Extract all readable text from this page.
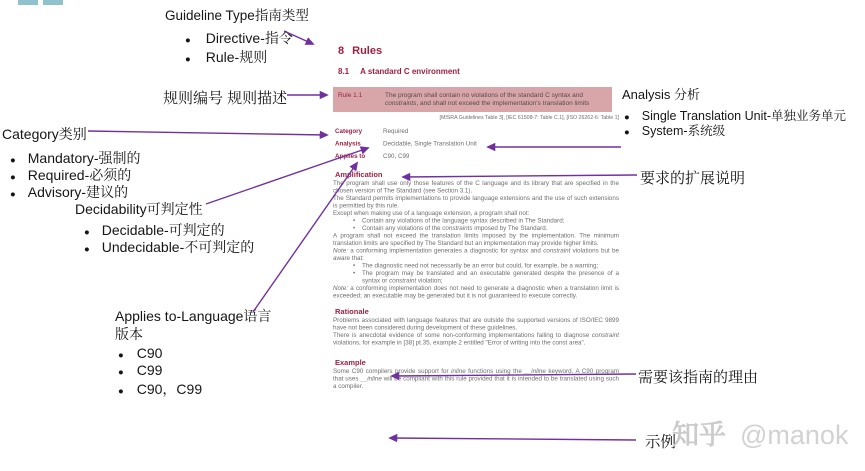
Guideline Type指南类型
●
Directive-指令
●
Rule-规则
规则编号 规则描述
Category类别
●
Mandatory-强制的
●
Required-必须的
●
Advisory-建议的
Decidability可判定性
●
Decidable-可判定的
●
Undecidable-不可判定的
Applies to-Language语言
版本
●
C90
●
C99
●
C90，C99
Analysis 分析
●
Single Translation Unit-单独业务单元
●
System-系统级
要求的扩展说明
需要该指南的理由
示例
知乎 @manok
8 Rules
8.1 A standard C environment
Rule 1.1	The program shall contain no violations of the standard C syntax and constraints, and shall not exceed the implementation's translation limits
[MISRA Guidelines Table 3], [IEC 61508-7: Table C.1], [ISO 26262-6: Table 1]
Category	Required
Analysis	Decidable, Single Translation Unit
Applies to	C90, C99
Amplification

The program shall use only those features of the C language and its library that are specified in the chosen version of The Standard (see Section 3.1).

The Standard permits implementations to provide language extensions and the use of such extensions is permitted by this rule.

Except when making use of a language extension, a program shall not:

Contain any violations of the language syntax described in The Standard;

Contain any violations of the constraints imposed by The Standard.

A program shall not exceed the translation limits imposed by the implementation. The minimum translation limits are specified by The Standard but an implementation may provide higher limits.

Note: a conforming implementation generates a diagnostic for syntax and constraint violations but be aware that:

The diagnostic need not necessarily be an error but could, for example, be a warning;

The program may be translated and an executable generated despite the presence of a syntax or constraint violation;

Note: a conforming implementation does not need to generate a diagnostic when a translation limit is exceeded; an executable may be generated but it is not guaranteed to execute correctly.

Rationale

Problems associated with language features that are outside the supported versions of ISO/IEC 9899 have not been considered during development of these guidelines.

There is anecdotal evidence of some non-conforming implementations failing to diagnose constraint violations, for example in [38] pt.35, example 2 entitled "Error of writing into the const area".

Example

Some C90 compilers provide support for inline functions using the __inline keyword. A C90 program that uses __inline will be compliant with this rule provided that it is intended to be translated using such a compiler.
